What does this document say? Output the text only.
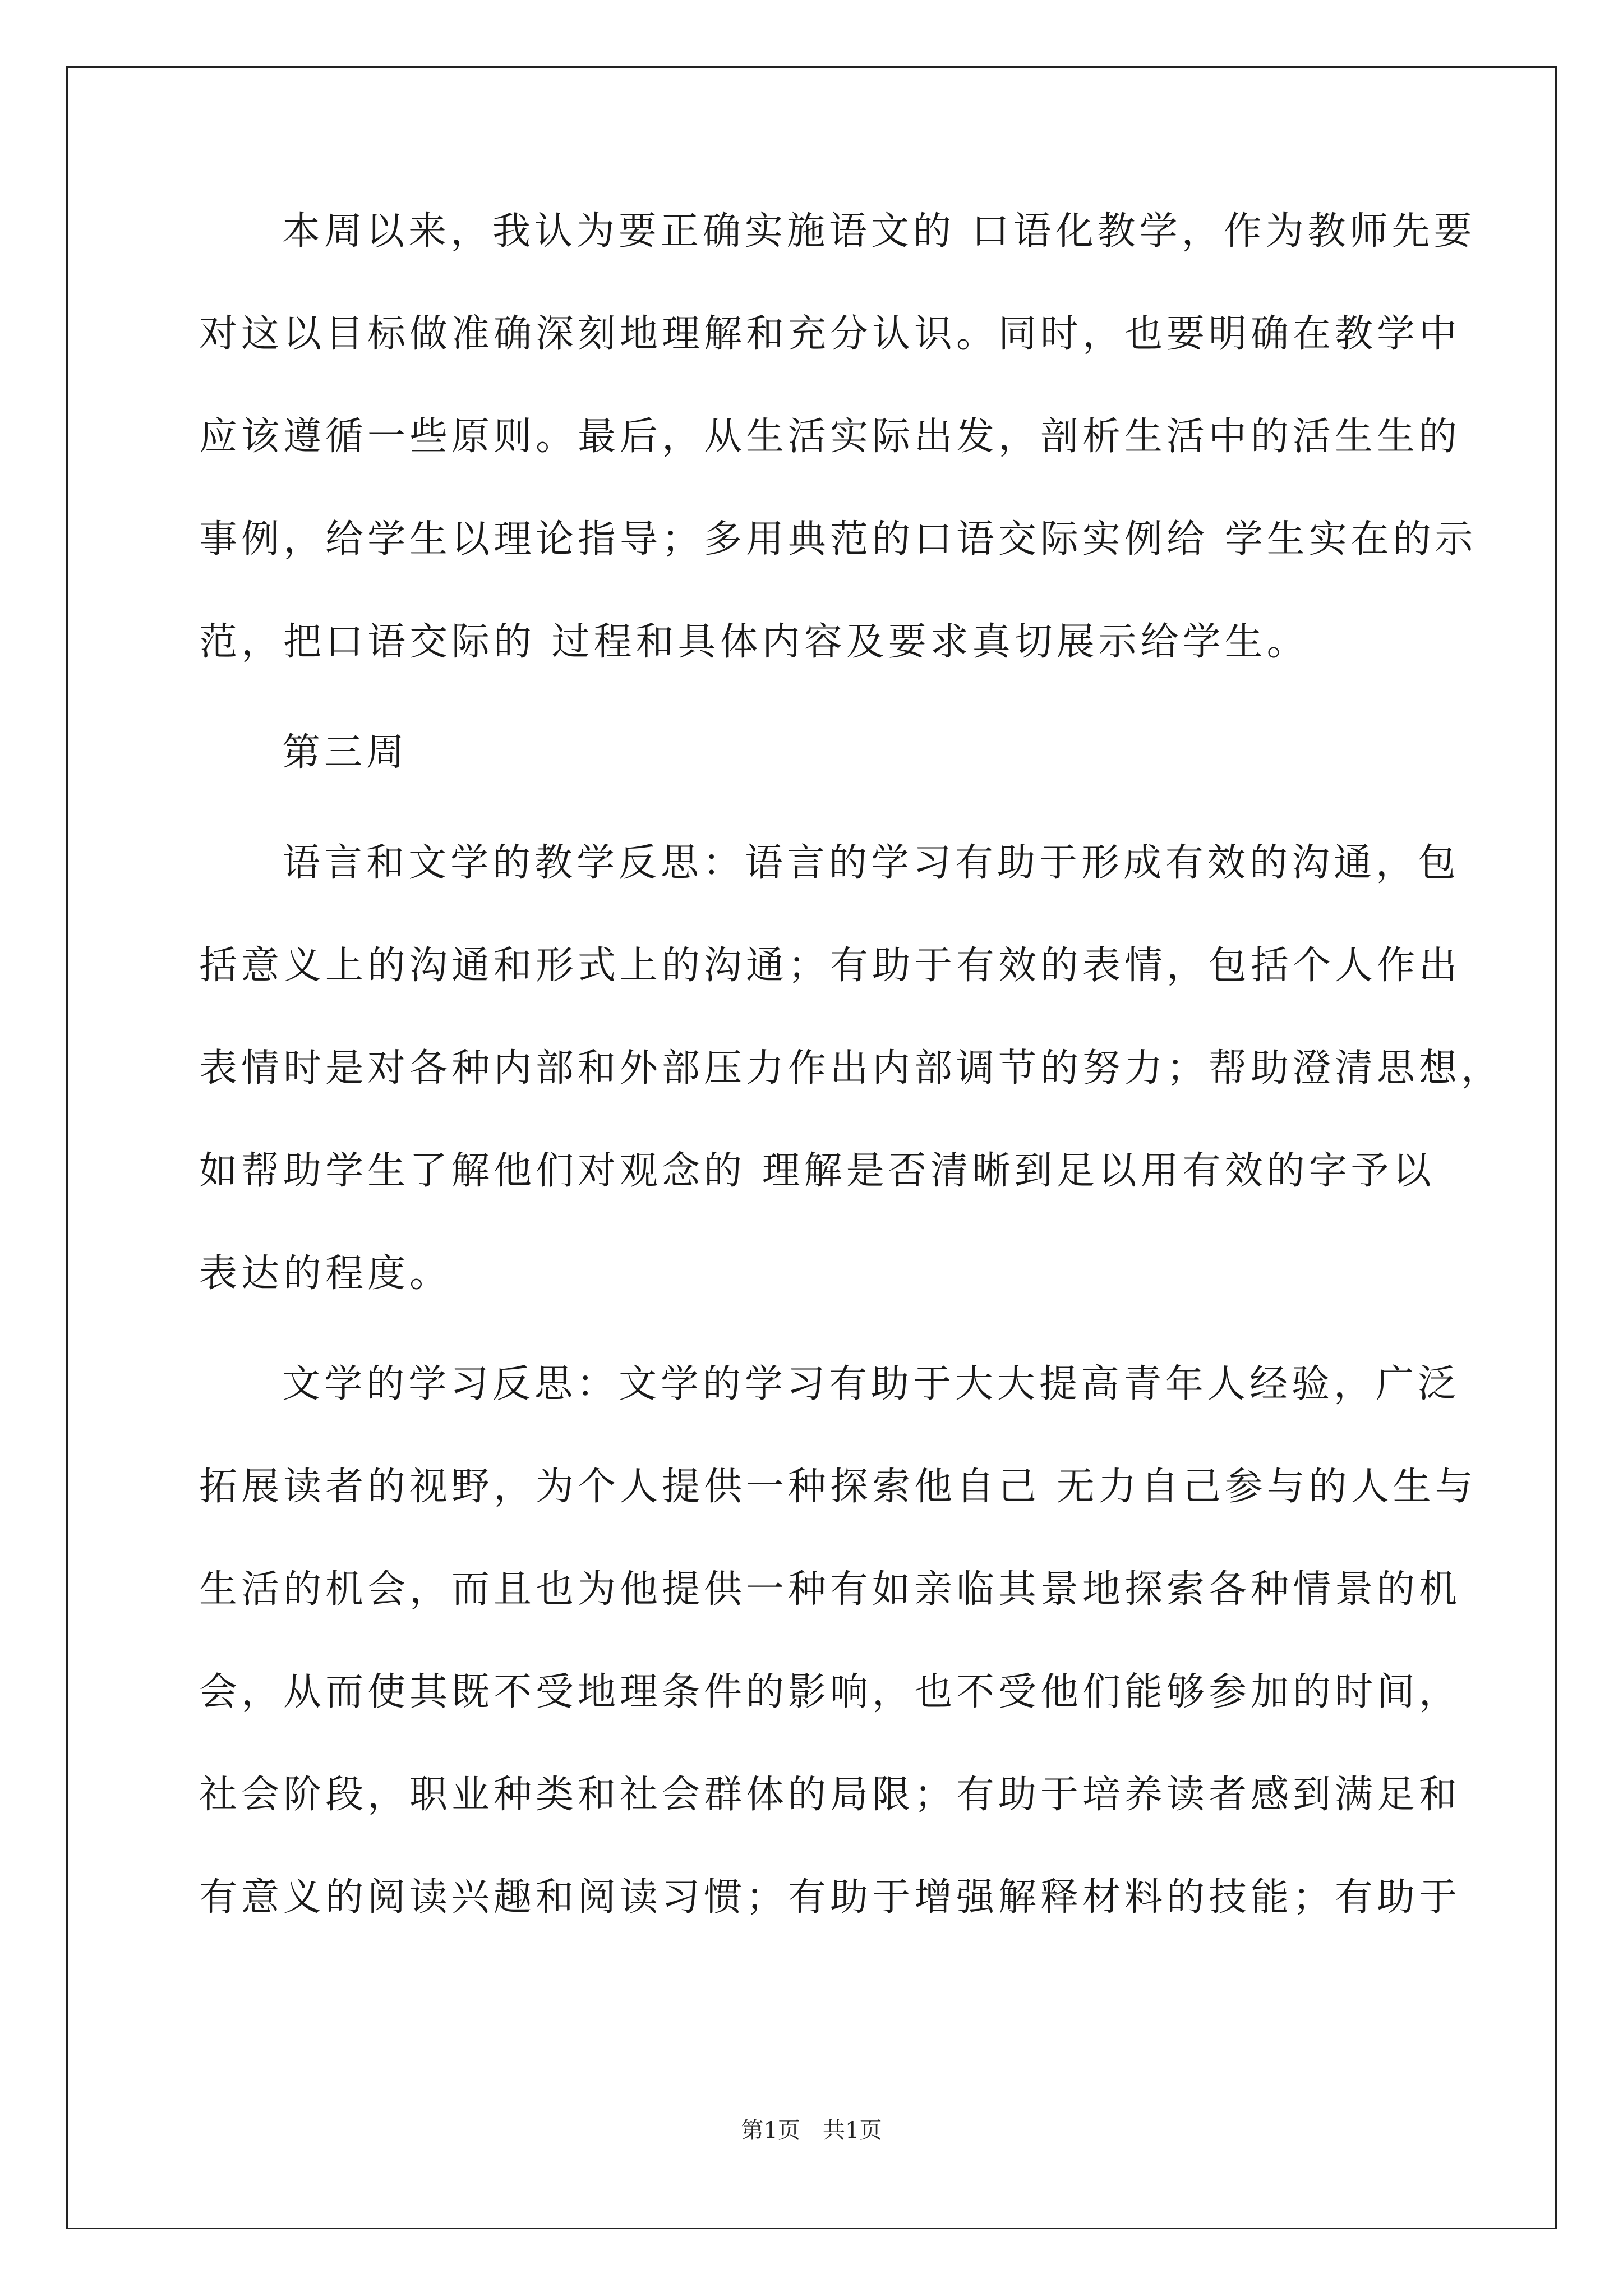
本周以来，我认为要正确实施语文的 口语化教学，作为教师先要

对这以目标做准确深刻地理解和充分认识。同时，也要明确在教学中

应该遵循一些原则。最后，从生活实际出发，剖析生活中的活生生的

事例，给学生以理论指导；多用典范的口语交际实例给 学生实在的示

范，把口语交际的 过程和具体内容及要求真切展示给学生。

第三周

语言和文学的教学反思：语言的学习有助于形成有效的沟通，包

括意义上的沟通和形式上的沟通；有助于有效的表情，包括个人作出

表情时是对各种内部和外部压力作出内部调节的努力；帮助澄清思想，

如帮助学生了解他们对观念的 理解是否清晰到足以用有效的字予以

表达的程度。

文学的学习反思：文学的学习有助于大大提高青年人经验，广泛

拓展读者的视野，为个人提供一种探索他自己 无力自己参与的人生与

生活的机会，而且也为他提供一种有如亲临其景地探索各种情景的机

会，从而使其既不受地理条件的影响，也不受他们能够参加的时间，

社会阶段，职业种类和社会群体的局限；有助于培养读者感到满足和

有意义的阅读兴趣和阅读习惯；有助于增强解释材料的技能；有助于

第1页　共1页
